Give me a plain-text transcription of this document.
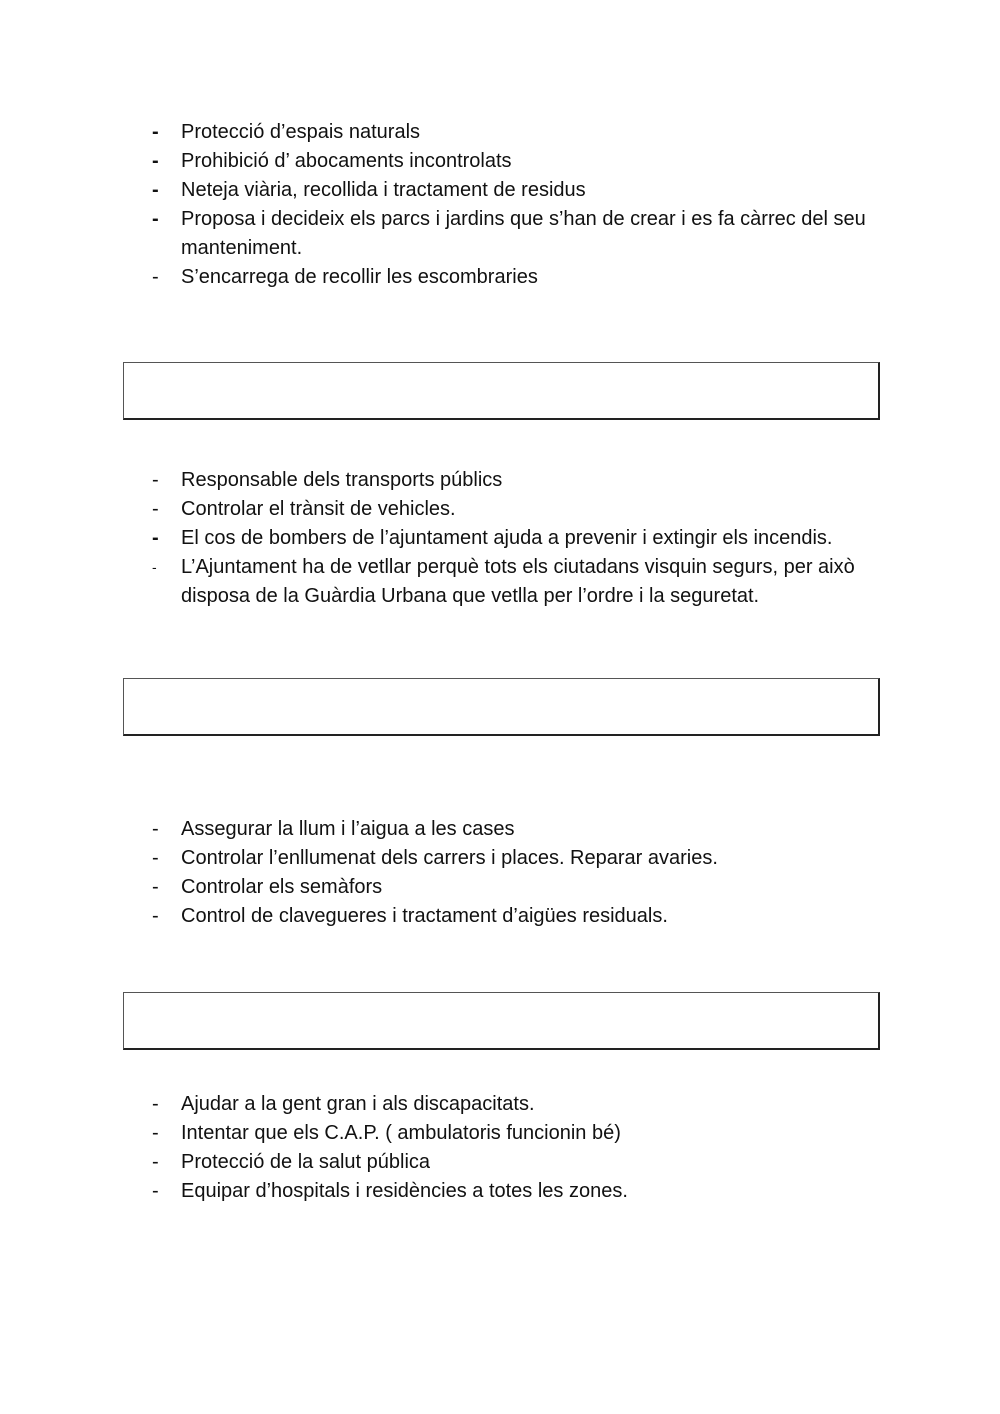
- Protecció d’espais naturals
- Prohibició d’ abocaments incontrolats
- Neteja viària, recollida i tractament de residus
- Proposa i decideix els parcs i jardins que s’han de crear i es fa càrrec del seu manteniment.
- S’encarrega de recollir les escombraries
- Responsable dels transports públics
- Controlar el trànsit de vehicles.
- El cos de bombers de l’ajuntament ajuda a prevenir i extingir els incendis.
- L’Ajuntament ha de vetllar perquè tots els ciutadans visquin segurs, per això disposa de la Guàrdia Urbana que vetlla per l’ordre i la seguretat.
- Assegurar la llum i l’aigua a les cases
- Controlar l’enllumenat dels carrers i places. Reparar avaries.
- Controlar els semàfors
- Control de clavegueres i tractament d’aigües residuals.
- Ajudar a la gent gran i als discapacitats.
- Intentar que els C.A.P. ( ambulatoris funcionin bé)
- Protecció de la salut pública
- Equipar d’hospitals i residències a totes les zones.
